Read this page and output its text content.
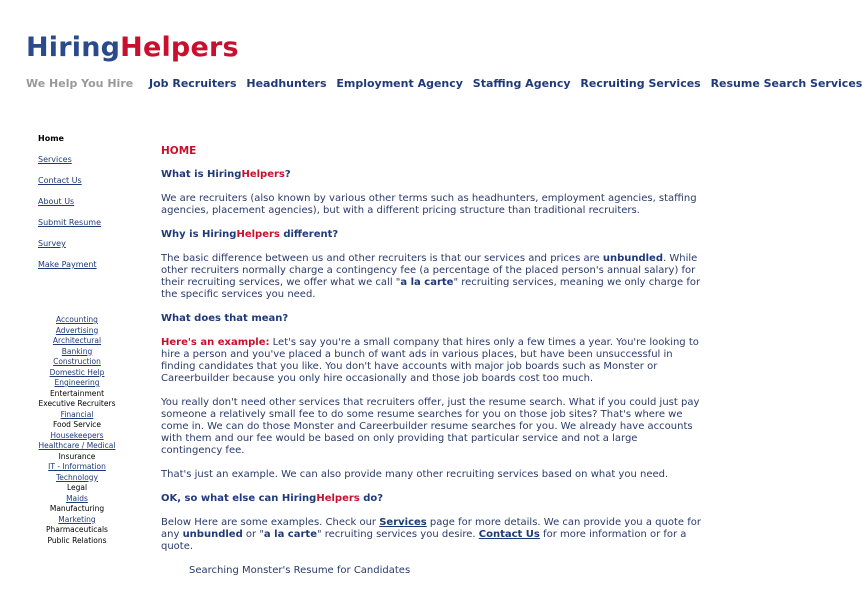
HiringHelpers
We Help You Hire Job Recruiters Headhunters Employment Agency Staffing Agency Recruiting Services Resume Search Services
Home
Services
Contact Us
About Us
Submit Resume
Survey
Make Payment
Accounting
Advertising
Architectural
Banking
Construction
Domestic Help
Engineering
Entertainment
Executive Recruiters
Financial
Food Service
Housekeepers
Healthcare / Medical
Insurance
IT - Information
Technology
Legal
Maids
Manufacturing
Marketing
Pharmaceuticals
Public Relations

HOME

What is HiringHelpers?

We are recruiters (also known by various other terms such as headhunters, employment agencies, staffing agencies, placement agencies), but with a different pricing structure than traditional recruiters.

Why is HiringHelpers different?

The basic difference between us and other recruiters is that our services and prices are unbundled. While other recruiters normally charge a contingency fee (a percentage of the placed person's annual salary) for their recruiting services, we offer what we call "a la carte" recruiting services, meaning we only charge for the specific services you need.

What does that mean?

Here's an example: Let's say you're a small company that hires only a few times a year. You're looking to hire a person and you've placed a bunch of want ads in various places, but have been unsuccessful in finding candidates that you like. You don't have accounts with major job boards such as Monster or Careerbuilder because you only hire occasionally and those job boards cost too much.

You really don't need other services that recruiters offer, just the resume search. What if you could just pay someone a relatively small fee to do some resume searches for you on those job sites? That's where we come in. We can do those Monster and Careerbuilder resume searches for you. We already have accounts with them and our fee would be based on only providing that particular service and not a large contingency fee.

That's just an example. We can also provide many other recruiting services based on what you need.

OK, so what else can HiringHelpers do?

Below Here are some examples. Check our Services page for more details. We can provide you a quote for any unbundled or "a la carte" recruiting services you desire. Contact Us for more information or for a quote.

Searching Monster's Resume for Candidates
